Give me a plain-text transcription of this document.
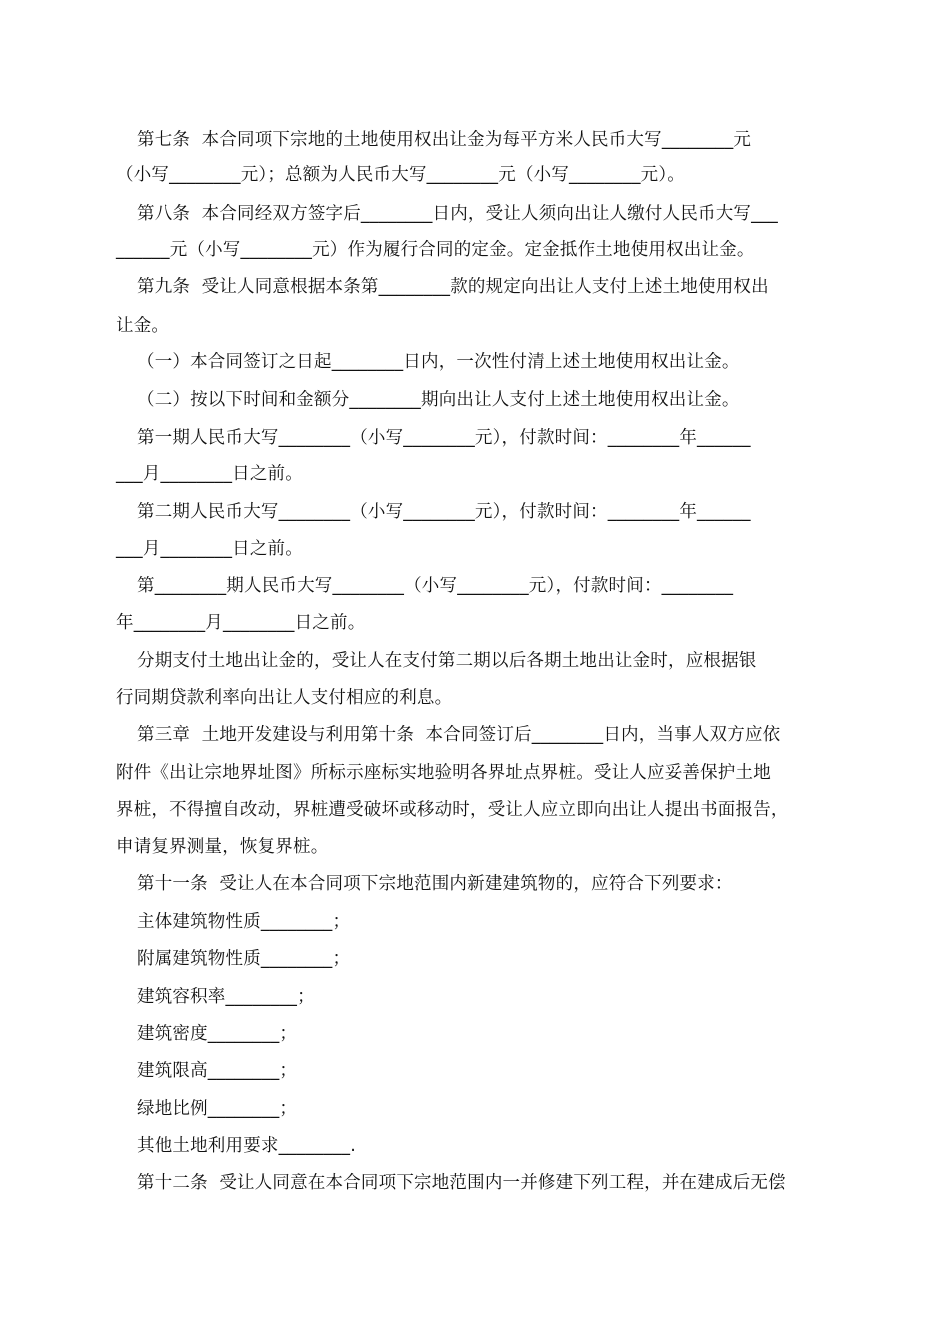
第七条  本合同项下宗地的土地使用权出让金为每平方米人民币大写________元
（小写________元）；总额为人民币大写________元（小写________元）。
第八条  本合同经双方签字后________日内，受让人须向出让人缴付人民币大写___
______元（小写________元）作为履行合同的定金。定金抵作土地使用权出让金。
第九条  受让人同意根据本条第________款的规定向出让人支付上述土地使用权出
让金。
（一）本合同签订之日起________日内，一次性付清上述土地使用权出让金。
（二）按以下时间和金额分________期向出让人支付上述土地使用权出让金。
第一期人民币大写________（小写________元），付款时间：________年______
___月________日之前。
第二期人民币大写________（小写________元），付款时间：________年______
___月________日之前。
第________期人民币大写________（小写________元），付款时间：________
年________月________日之前。
分期支付土地出让金的，受让人在支付第二期以后各期土地出让金时，应根据银
行同期贷款利率向出让人支付相应的利息。
第三章  土地开发建设与利用第十条  本合同签订后________日内，当事人双方应依
附件《出让宗地界址图》所标示座标实地验明各界址点界桩。受让人应妥善保护土地
界桩，不得擅自改动，界桩遭受破坏或移动时，受让人应立即向出让人提出书面报告，
申请复界测量，恢复界桩。
第十一条  受让人在本合同项下宗地范围内新建建筑物的，应符合下列要求：
主体建筑物性质________；
附属建筑物性质________；
建筑容积率________；
建筑密度________；
建筑限高________；
绿地比例________；
其他土地利用要求________.
第十二条  受让人同意在本合同项下宗地范围内一并修建下列工程，并在建成后无偿
